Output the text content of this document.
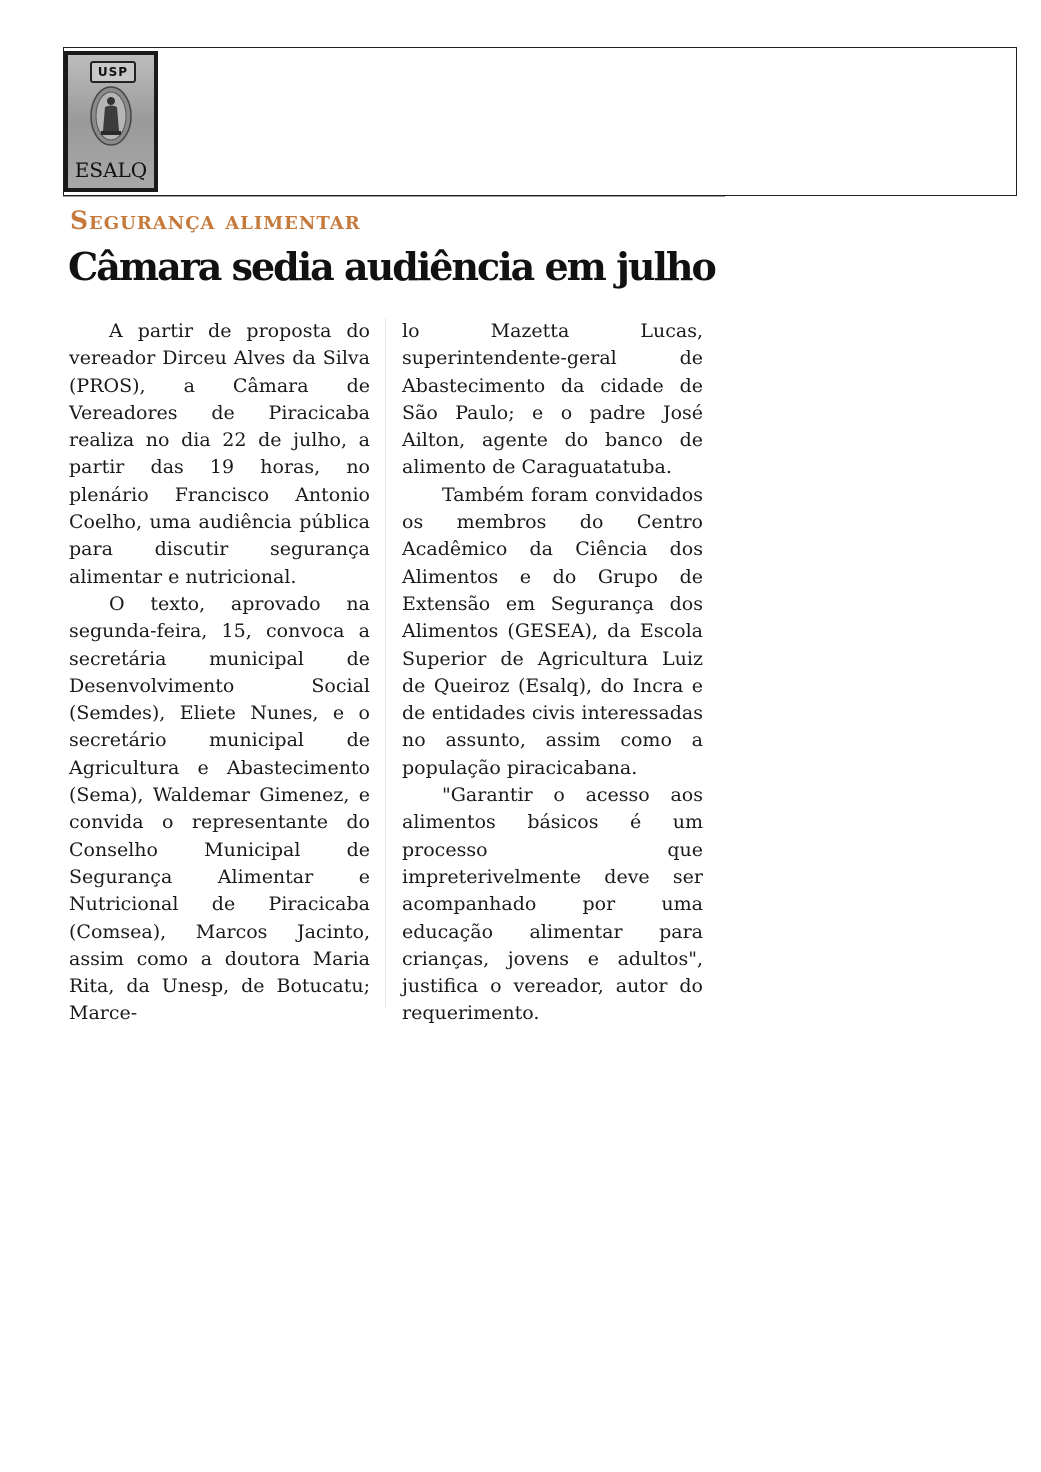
USP
ESALQ
Segurança alimentar
Câmara sedia audiência em julho

A partir de proposta do vereador Dirceu Alves da Silva (PROS), a Câmara de Vereadores de Piracicaba realiza no dia 22 de julho, a partir das 19 horas, no plenário Francisco Antonio Coelho, uma audiência pública para discutir segurança alimentar e nutricional.

O texto, aprovado na segunda-feira, 15, convoca a secretária municipal de Desenvolvimento Social (Semdes), Eliete Nunes, e o secretário municipal de Agricultura e Abastecimento (Sema), Waldemar Gimenez, e convida o representante do Conselho Municipal de Segurança Alimentar e Nutricional de Piracicaba (Comsea), Marcos Jacinto, assim como a doutora Maria Rita, da Unesp, de Botucatu; Marce-

lo Mazetta Lucas, superintendente-geral de Abastecimento da cidade de São Paulo; e o padre José Ailton, agente do banco de alimento de Caraguatatuba.

Também foram convidados os membros do Centro Acadêmico da Ciência dos Alimentos e do Grupo de Extensão em Segurança dos Alimentos (GESEA), da Escola Superior de Agricultura Luiz de Queiroz (Esalq), do Incra e de entidades civis interessadas no assunto, assim como a população piracicabana.

"Garantir o acesso aos alimentos básicos é um processo que impreterivelmente deve ser acompanhado por uma educação alimentar para crianças, jovens e adultos", justifica o vereador, autor do requerimento.
